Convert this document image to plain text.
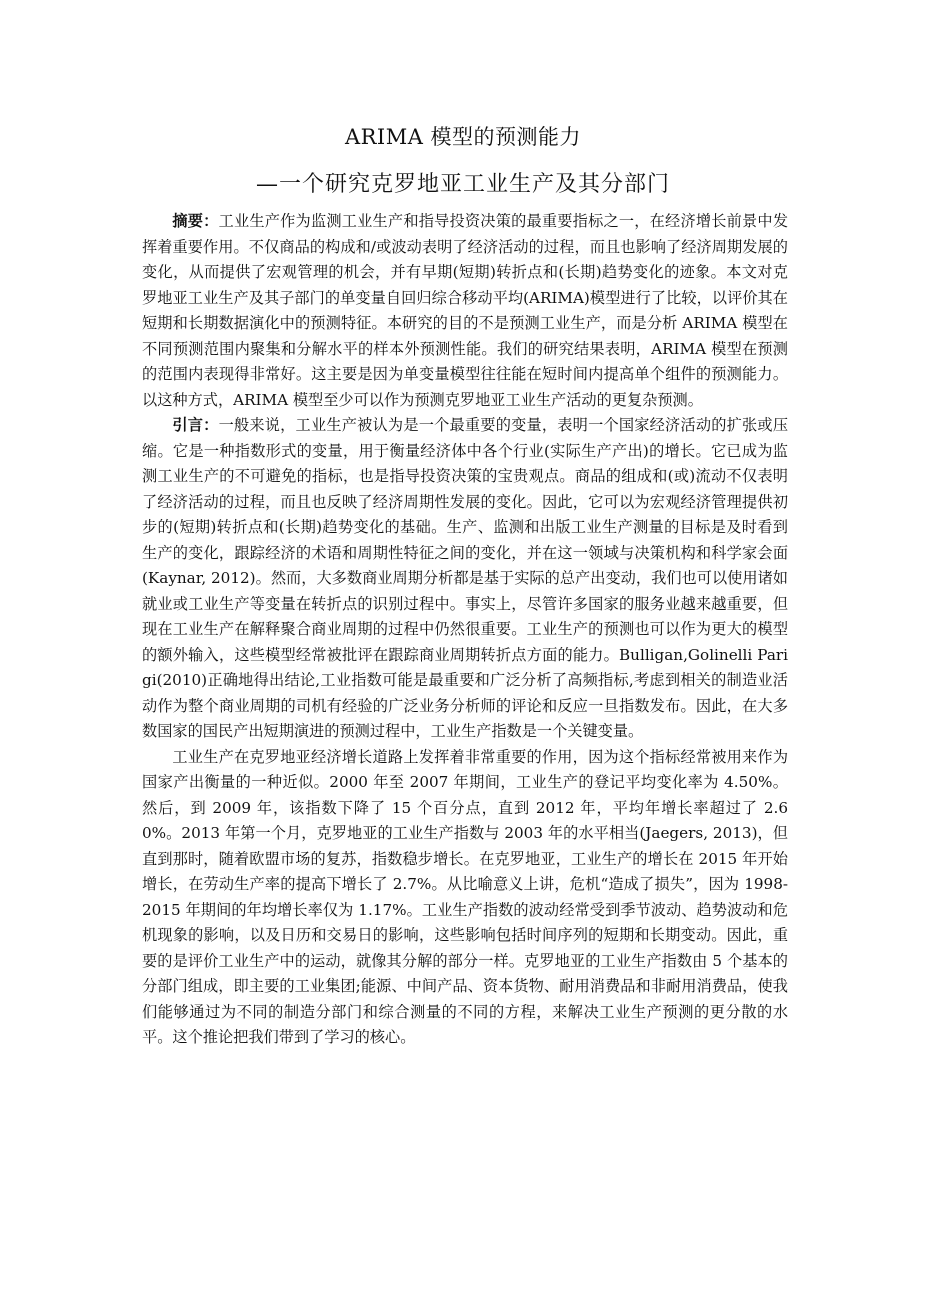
ARIMA 模型的预测能力
—一个研究克罗地亚工业生产及其分部门

摘要：工业生产作为监测工业生产和指导投资决策的最重要指标之一，在经济增长前景中发挥着重要作用。不仅商品的构成和/或波动表明了经济活动的过程，而且也影响了经济周期发展的变化，从而提供了宏观管理的机会，并有早期(短期)转折点和(长期)趋势变化的迹象。本文对克罗地亚工业生产及其子部门的单变量自回归综合移动平均(ARIMA)模型进行了比较，以评价其在短期和长期数据演化中的预测特征。本研究的目的不是预测工业生产，而是分析 ARIMA 模型在不同预测范围内聚集和分解水平的样本外预测性能。我们的研究结果表明，ARIMA 模型在预测的范围内表现得非常好。这主要是因为单变量模型往往能在短时间内提高单个组件的预测能力。以这种方式，ARIMA 模型至少可以作为预测克罗地亚工业生产活动的更复杂预测。

引言：一般来说，工业生产被认为是一个最重要的变量，表明一个国家经济活动的扩张或压缩。它是一种指数形式的变量，用于衡量经济体中各个行业(实际生产产出)的增长。它已成为监测工业生产的不可避免的指标，也是指导投资决策的宝贵观点。商品的组成和(或)流动不仅表明了经济活动的过程，而且也反映了经济周期性发展的变化。因此，它可以为宏观经济管理提供初步的(短期)转折点和(长期)趋势变化的基础。生产、监测和出版工业生产测量的目标是及时看到生产的变化，跟踪经济的术语和周期性特征之间的变化，并在这一领域与决策机构和科学家会面(Kaynar, 2012)。然而，大多数商业周期分析都是基于实际的总产出变动，我们也可以使用诸如就业或工业生产等变量在转折点的识别过程中。事实上，尽管许多国家的服务业越来越重要，但现在工业生产在解释聚合商业周期的过程中仍然很重要。工业生产的预测也可以作为更大的模型的额外输入，这些模型经常被批评在跟踪商业周期转折点方面的能力。Bulligan,Golinelli Parigi(2010)正确地得出结论,工业指数可能是最重要和广泛分析了高频指标,考虑到相关的制造业活动作为整个商业周期的司机有经验的广泛业务分析师的评论和反应一旦指数发布。因此，在大多数国家的国民产出短期演进的预测过程中，工业生产指数是一个关键变量。

工业生产在克罗地亚经济增长道路上发挥着非常重要的作用，因为这个指标经常被用来作为国家产出衡量的一种近似。2000 年至 2007 年期间，工业生产的登记平均变化率为 4.50%。然后，到 2009 年，该指数下降了 15 个百分点，直到 2012 年，平均年增长率超过了 2.60%。2013 年第一个月，克罗地亚的工业生产指数与 2003 年的水平相当(Jaegers, 2013)，但直到那时，随着欧盟市场的复苏，指数稳步增长。在克罗地亚，工业生产的增长在 2015 年开始增长，在劳动生产率的提高下增长了 2.7%。从比喻意义上讲，危机“造成了损失”，因为 1998-2015 年期间的年均增长率仅为 1.17%。工业生产指数的波动经常受到季节波动、趋势波动和危机现象的影响，以及日历和交易日的影响，这些影响包括时间序列的短期和长期变动。因此，重要的是评价工业生产中的运动，就像其分解的部分一样。克罗地亚的工业生产指数由 5 个基本的分部门组成，即主要的工业集团;能源、中间产品、资本货物、耐用消费品和非耐用消费品，使我们能够通过为不同的制造分部门和综合测量的不同的方程，来解决工业生产预测的更分散的水平。这个推论把我们带到了学习的核心。
